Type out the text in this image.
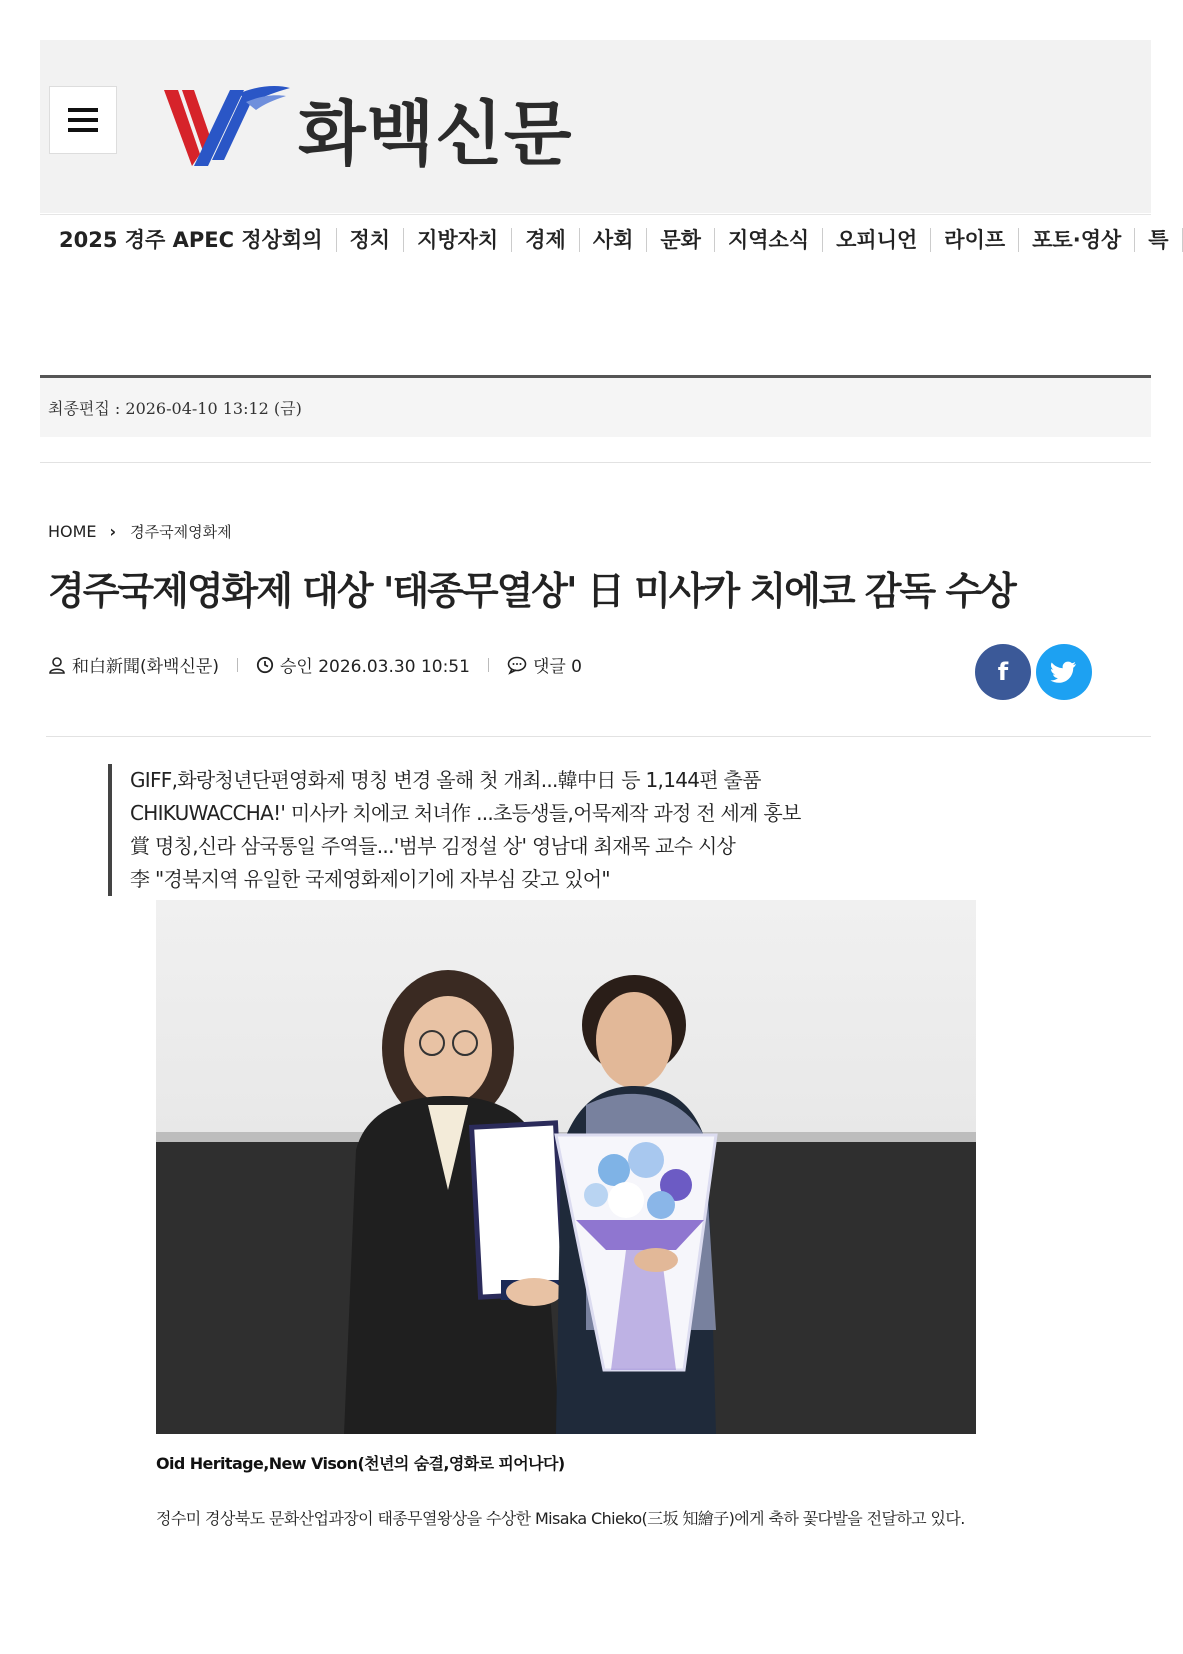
화백신문
2025 경주 APEC 정상회의	정치	지방자치	경제	사회	문화	지역소식	오피니언	라이프	포토·영상	특
최종편집 : 2026-04-10 13:12 (금)
HOME › 경주국제영화제
경주국제영화제 대상 '태종무열상' 日 미사카 치에코 감독 수상
和白新聞(화백신문)	승인 2026.03.30 10:51	댓글 0	f
GIFF,화랑청년단편영화제 명칭 변경 올해 첫 개최...韓中日 등 1,144편 출품
CHIKUWACCHA!' 미사카 치에코 처녀作 ...초등생들,어묵제작 과정 전 세계 홍보
賞 명칭,신라 삼국통일 주역들...'범부 김정설 상' 영남대 최재목 교수 시상
李 "경북지역 유일한 국제영화제이기에 자부심 갖고 있어"
Oid Heritage,New Vison(천년의 숨결,영화로 피어나다)
정수미 경상북도 문화산업과장이 태종무열왕상을 수상한 Misaka Chieko(三坂 知繪子)에게 축하 꽃다발을 전달하고 있다.
